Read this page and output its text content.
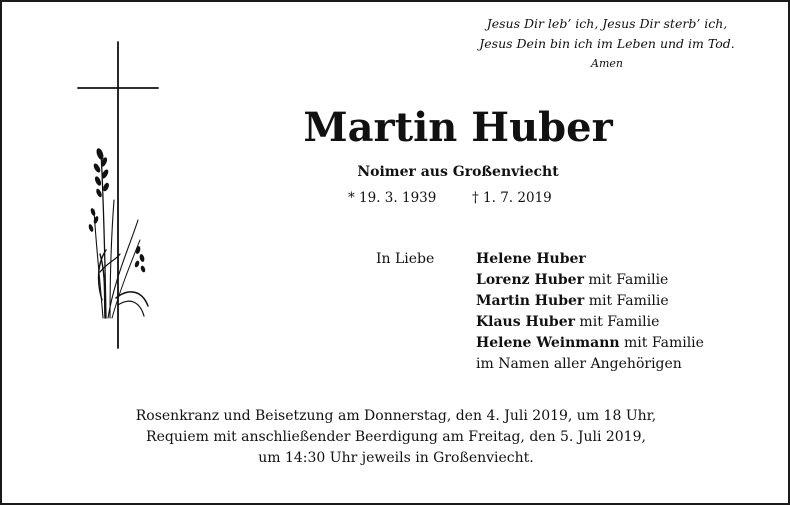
Jesus Dir leb’ ich, Jesus Dir sterb’ ich,
Jesus Dein bin ich im Leben und im Tod.
Amen
Martin Huber
Noimer aus Großenviecht
* 19. 3. 1939	† 1. 7. 2019
In Liebe	Helene Huber
Lorenz Huber mit Familie
Martin Huber mit Familie
Klaus Huber mit Familie
Helene Weinmann mit Familie
im Namen aller Angehörigen
Rosenkranz und Beisetzung am Donnerstag, den 4. Juli 2019, um 18 Uhr,
Requiem mit anschließender Beerdigung am Freitag, den 5. Juli 2019,
um 14:30 Uhr jeweils in Großenviecht.
